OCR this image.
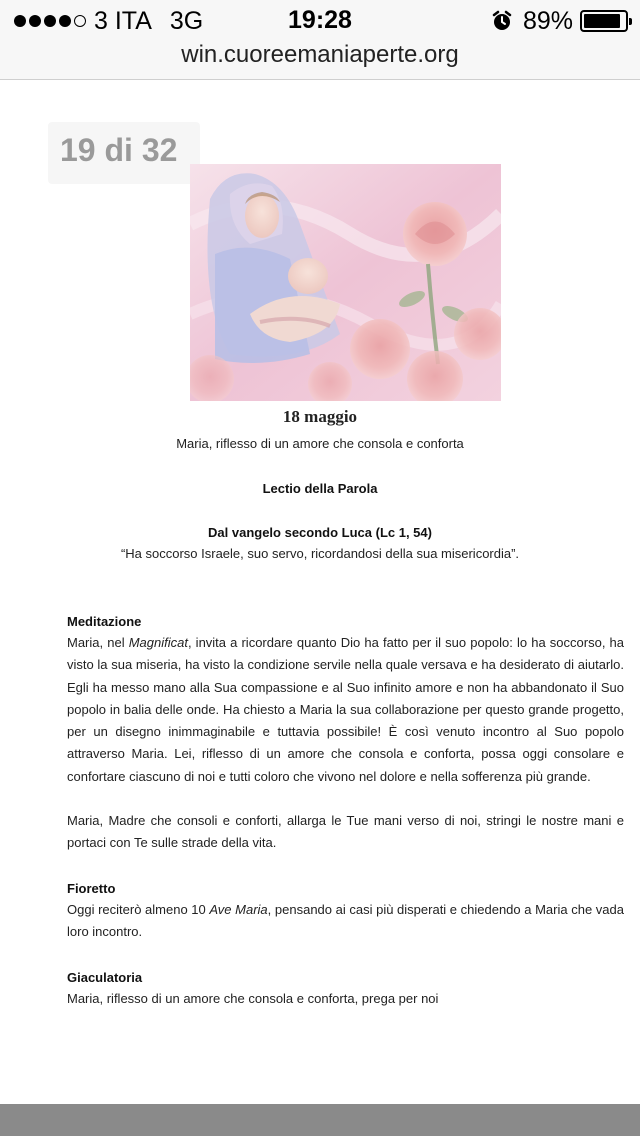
3 ITA 3G	19:28	89%
win.cuoreemaniaperte.org
19 di 32
18 maggio
Maria, riflesso di un amore che consola e conforta
Lectio della Parola
Dal vangelo secondo Luca (Lc 1, 54)
“Ha soccorso Israele, suo servo, ricordandosi della sua misericordia”.
Meditazione
Maria, nel Magnificat, invita a ricordare quanto Dio ha fatto per il suo popolo: lo ha soccorso, ha visto la sua miseria, ha visto la condizione servile nella quale versava e ha desiderato di aiutarlo. Egli ha messo mano alla Sua compassione e al Suo infinito amore e non ha abbandonato il Suo popolo in balia delle onde. Ha chiesto a Maria la sua collaborazione per questo grande progetto, per un disegno inimmaginabile e tuttavia possibile! È così venuto incontro al Suo popolo attraverso Maria. Lei, riflesso di un amore che consola e conforta, possa oggi consolare e confortare ciascuno di noi e tutti coloro che vivono nel dolore e nella sofferenza più grande.
Maria, Madre che consoli e conforti, allarga le Tue mani verso di noi, stringi le nostre mani e portaci con Te sulle strade della vita.
Fioretto
Oggi reciterò almeno 10 Ave Maria, pensando ai casi più disperati e chiedendo a Maria che vada loro incontro.
Giaculatoria
Maria, riflesso di un amore che consola e conforta, prega per noi
